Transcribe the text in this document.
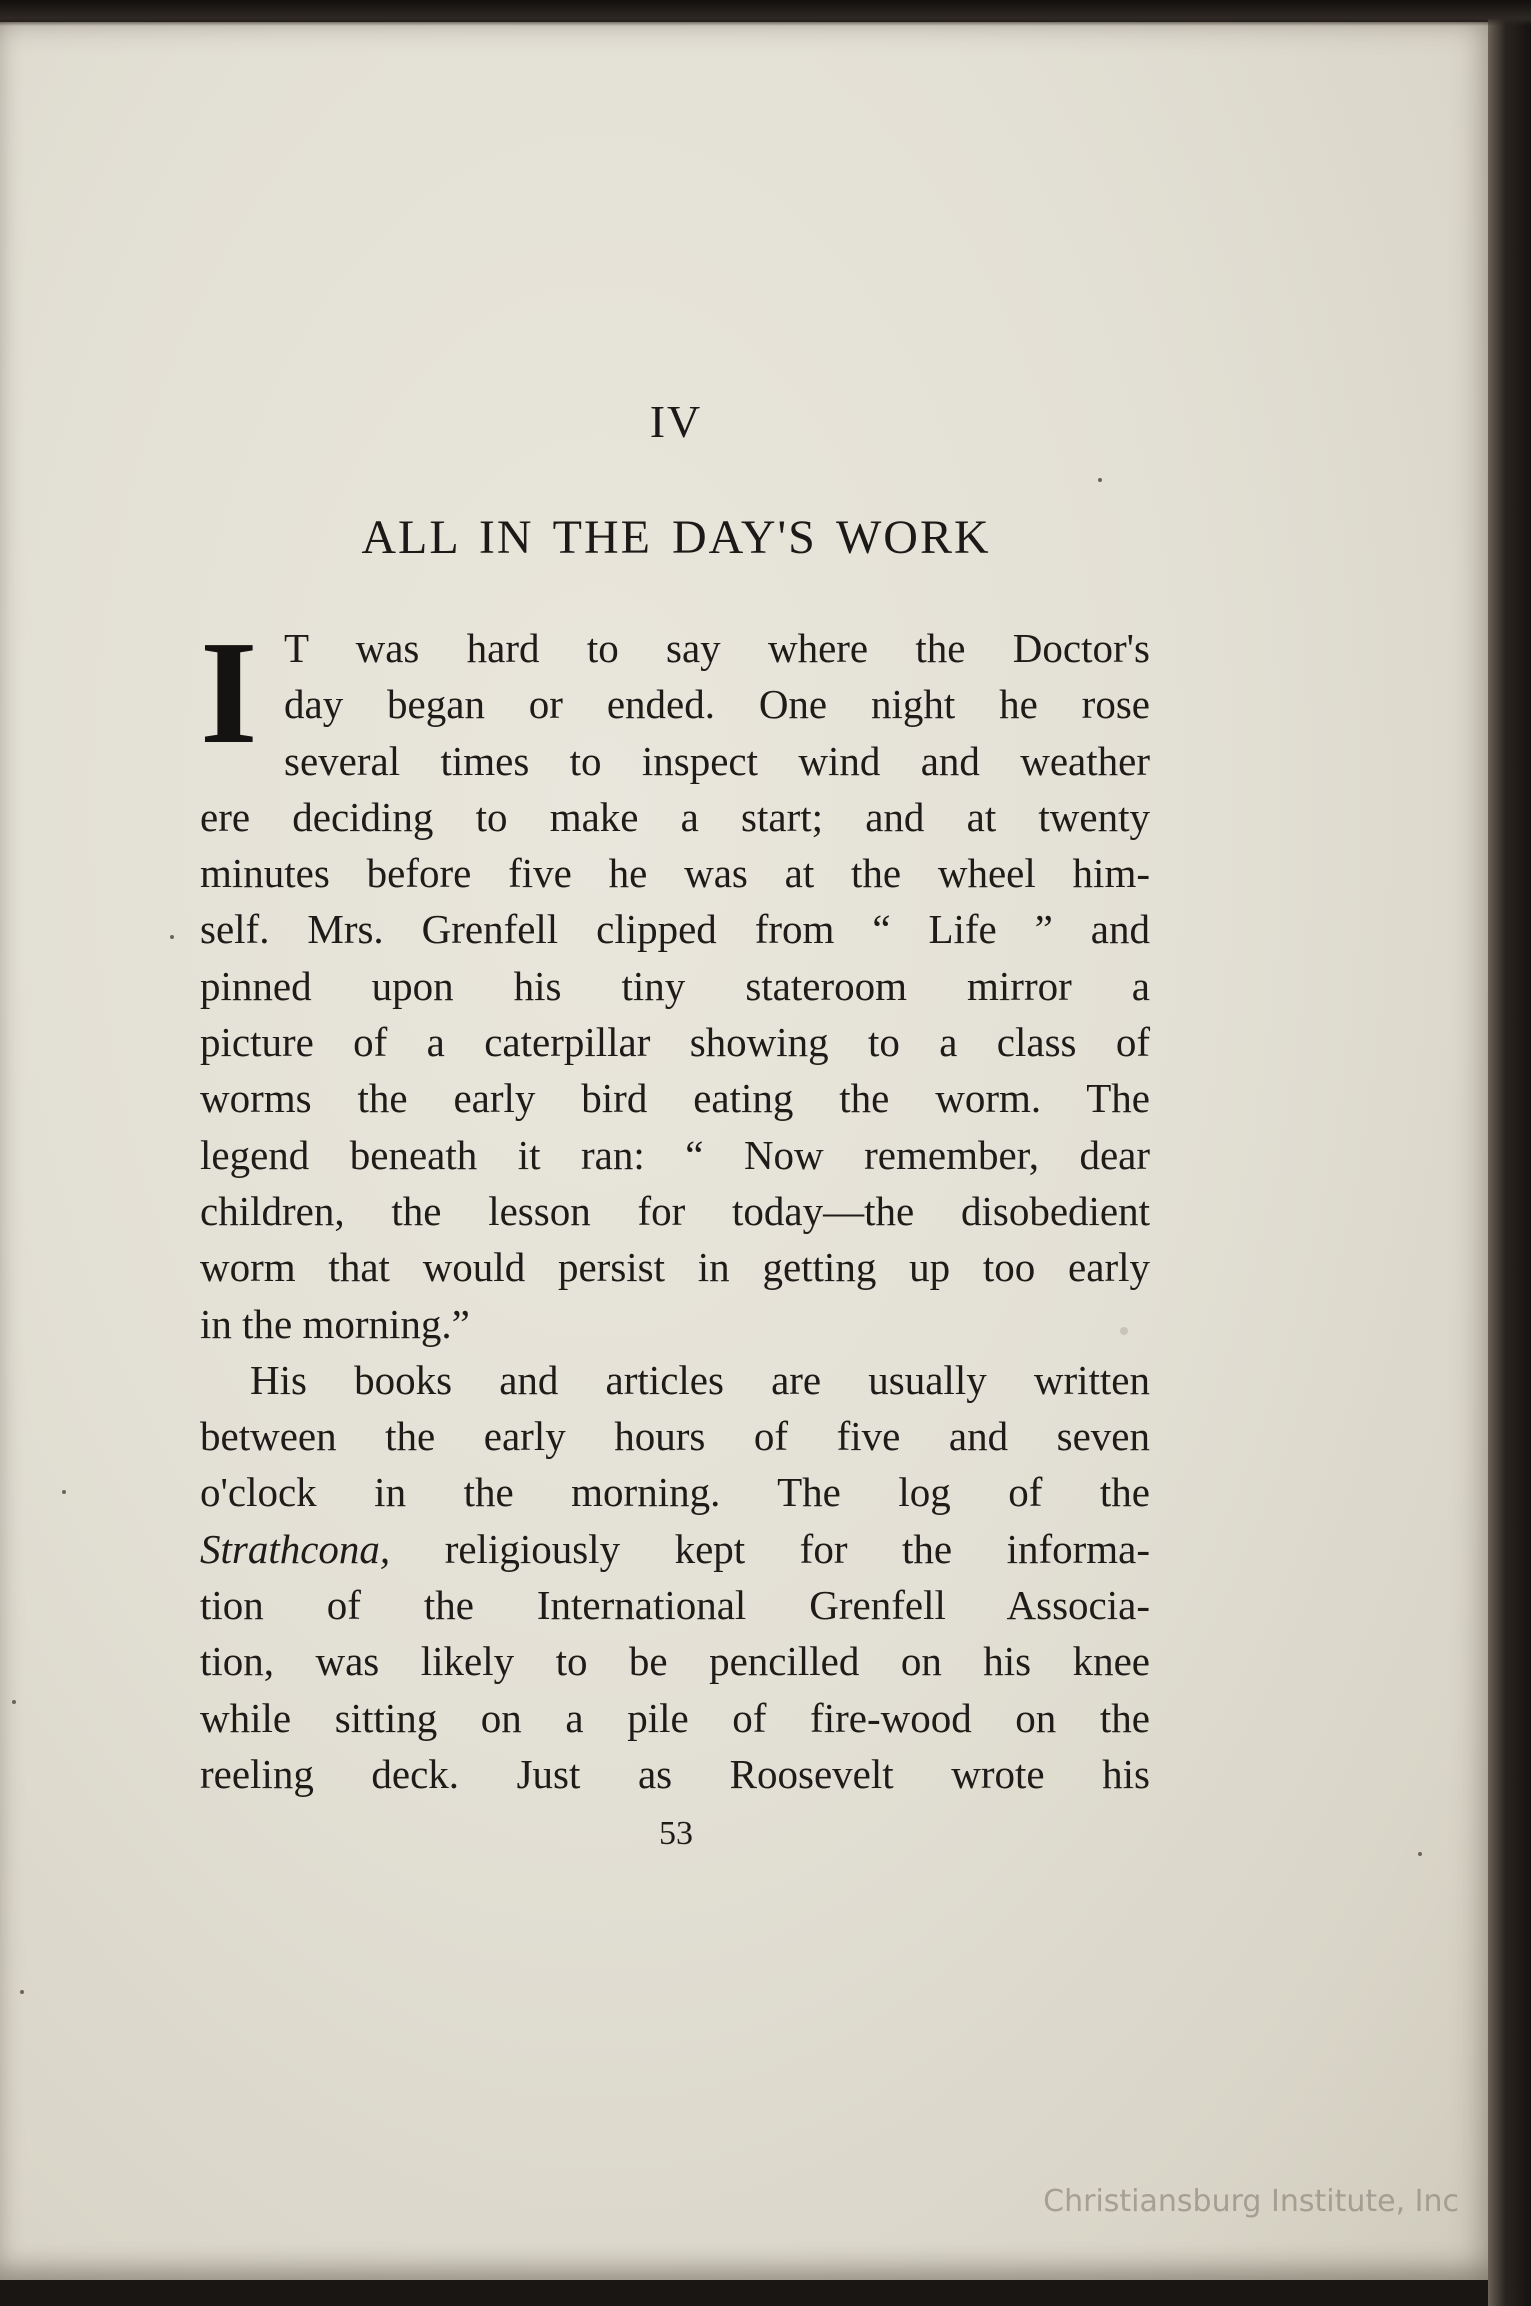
IV
ALL IN THE DAY'S WORK
I T was hard to say where the Doctor's
day began or ended. One night he rose
several times to inspect wind and weather
ere deciding to make a start; and at twenty
minutes before five he was at the wheel him-
self. Mrs. Grenfell clipped from “ Life ” and
pinned upon his tiny stateroom mirror a
picture of a caterpillar showing to a class of
worms the early bird eating the worm. The
legend beneath it ran: “ Now remember, dear
children, the lesson for today—the disobedient
worm that would persist in getting up too early
in the morning.”
His books and articles are usually written
between the early hours of five and seven
o'clock in the morning. The log of the
Strathcona, religiously kept for the informa-
tion of the International Grenfell Associa-
tion, was likely to be pencilled on his knee
while sitting on a pile of fire-wood on the
reeling deck. Just as Roosevelt wrote his
53
Christiansburg Institute, Inc
